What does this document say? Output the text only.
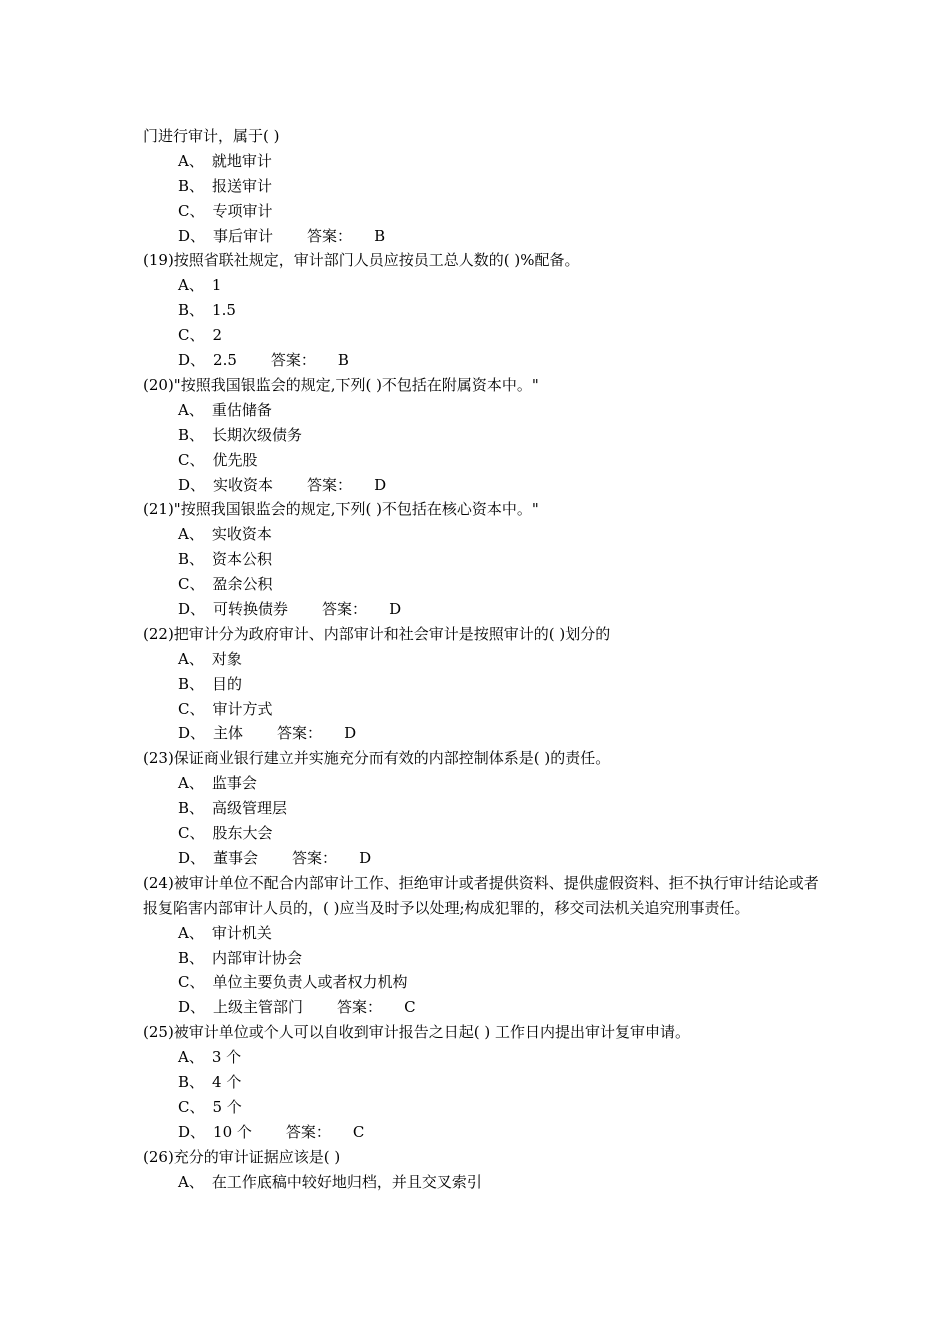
门进行审计，属于( )
A、 就地审计
B、 报送审计
C、 专项审计
D、 事后审计 答案： B
(19)按照省联社规定，审计部门人员应按员工总人数的( )%配备。
A、 1
B、 1.5
C、 2
D、 2.5 答案： B
(20)"按照我国银监会的规定,下列( )不包括在附属资本中。"
A、 重估储备
B、 长期次级债务
C、 优先股
D、 实收资本 答案： D
(21)"按照我国银监会的规定,下列( )不包括在核心资本中。"
A、 实收资本
B、 资本公积
C、 盈余公积
D、 可转换债券 答案： D
(22)把审计分为政府审计、内部审计和社会审计是按照审计的( )划分的
A、 对象
B、 目的
C、 审计方式
D、 主体 答案： D
(23)保证商业银行建立并实施充分而有效的内部控制体系是( )的责任。
A、 监事会
B、 高级管理层
C、 股东大会
D、 董事会 答案： D
(24)被审计单位不配合内部审计工作、拒绝审计或者提供资料、提供虚假资料、拒不执行审计结论或者报复陷害内部审计人员的，( )应当及时予以处理;构成犯罪的，移交司法机关追究刑事责任。
A、 审计机关
B、 内部审计协会
C、 单位主要负责人或者权力机构
D、 上级主管部门 答案： C
(25)被审计单位或个人可以自收到审计报告之日起( ) 工作日内提出审计复审申请。
A、 3 个
B、 4 个
C、 5 个
D、 10 个 答案： C
(26)充分的审计证据应该是( )
A、 在工作底稿中较好地归档，并且交叉索引
